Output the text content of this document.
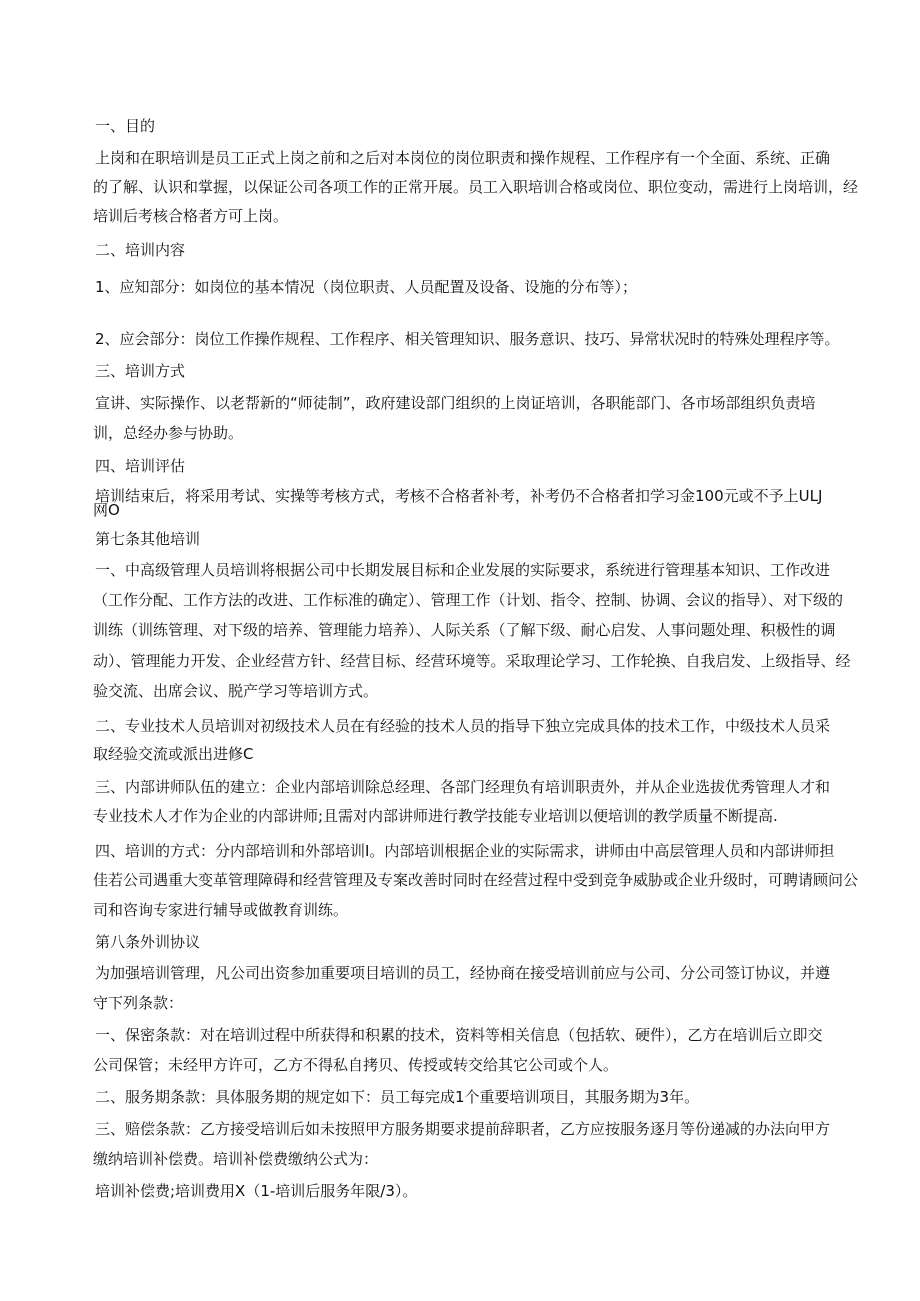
一、目的
上岗和在职培训是员工正式上岗之前和之后对本岗位的岗位职责和操作规程、工作程序有一个全面、系统、正确
的了解、认识和掌握，以保证公司各项工作的正常开展。员工入职培训合格或岗位、职位变动，需进行上岗培训，经
培训后考核合格者方可上岗。
二、培训内容
1、应知部分：如岗位的基本情况（岗位职责、人员配置及设备、设施的分布等）；
2、应会部分：岗位工作操作规程、工作程序、相关管理知识、服务意识、技巧、异常状况时的特殊处理程序等。
三、培训方式
宣讲、实际操作、以老帮新的“师徒制”，政府建设部门组织的上岗证培训，各职能部门、各市场部组织负责培
训，总经办参与协助。
四、培训评估
培训结束后，将采用考试、实操等考核方式，考核不合格者补考，补考仍不合格者扣学习金100元或不予上ULJ
网O
第七条其他培训
一、中高级管理人员培训将根据公司中长期发展目标和企业发展的实际要求，系统进行管理基本知识、工作改进
（工作分配、工作方法的改进、工作标准的确定）、管理工作（计划、指令、控制、协调、会议的指导）、对下级的
训练（训练管理、对下级的培养、管理能力培养）、人际关系（了解下级、耐心启发、人事问题处理、积极性的调
动）、管理能力开发、企业经营方针、经营目标、经营环境等。采取理论学习、工作轮换、自我启发、上级指导、经
验交流、出席会议、脱产学习等培训方式。
二、专业技术人员培训对初级技术人员在有经验的技术人员的指导下独立完成具体的技术工作，中级技术人员采
取经验交流或派出进修C
三、内部讲师队伍的建立：企业内部培训除总经理、各部门经理负有培训职责外，并从企业选拔优秀管理人才和
专业技术人才作为企业的内部讲师;且需对内部讲师进行教学技能专业培训以便培训的教学质量不断提高.
四、培训的方式：分内部培训和外部培训I。内部培训根据企业的实际需求，讲师由中高层管理人员和内部讲师担
佳若公司遇重大变革管理障碍和经营管理及专案改善时同时在经营过程中受到竞争威胁或企业升级时，可聘请顾问公
司和咨询专家进行辅导或做教育训练。
第八条外训协议
为加强培训管理，凡公司出资参加重要项目培训的员工，经协商在接受培训前应与公司、分公司签订协议，并遵
守下列条款：
一、保密条款：对在培训过程中所获得和积累的技术，资料等相关信息（包括软、硬件），乙方在培训后立即交
公司保管；未经甲方许可，乙方不得私自拷贝、传授或转交给其它公司或个人。
二、服务期条款：具体服务期的规定如下：员工每完成1个重要培训项目，其服务期为3年。
三、赔偿条款：乙方接受培训后如未按照甲方服务期要求提前辞职者，乙方应按服务逐月等份递减的办法向甲方
缴纳培训补偿费。培训补偿费缴纳公式为：
培训补偿费;培训费用X（1-培训后服务年限/3）。
